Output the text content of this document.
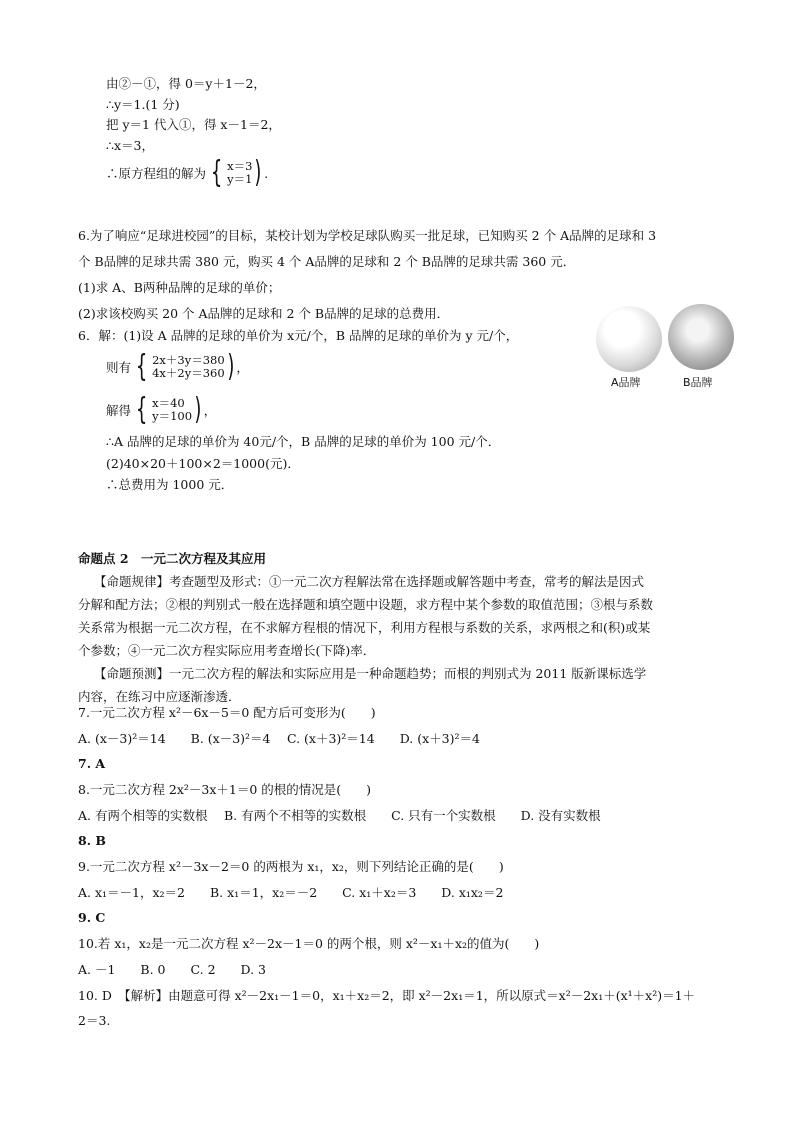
由②－①，得 0＝y＋1－2，
∴y＝1.(1 分)
把 y＝1 代入①，得 x－1＝2，
∴x＝3，
∴原方程组的解为 { x＝3
y＝1 ) .
6.为了响应“足球进校园”的目标，某校计划为学校足球队购买一批足球，已知购买 2 个 A品牌的足球和 3
个 B品牌的足球共需 380 元，购买 4 个 A品牌的足球和 2 个 B品牌的足球共需 360 元．
(1)求 A、B两种品牌的足球的单价；
(2)求该校购买 20 个 A品牌的足球和 2 个 B品牌的足球的总费用．
6．解：(1)设 A 品牌的足球的单价为 x元/个，B 品牌的足球的单价为 y 元/个，
A品牌	B品牌
则有 { 2x＋3y＝380
4x＋2y＝360 ) ，
解得 { x＝40
y＝100 ) ，
∴A 品牌的足球的单价为 40元/个，B 品牌的足球的单价为 100 元/个．
(2)40×20＋100×2＝1000(元)．
∴总费用为 1000 元．
命题点 2　一元二次方程及其应用
【命题规律】考查题型及形式：①一元二次方程解法常在选择题或解答题中考查，常考的解法是因式
分解和配方法；②根的判别式一般在选择题和填空题中设题，求方程中某个参数的取值范围；③根与系数
关系常为根据一元二次方程，在不求解方程根的情况下，利用方程根与系数的关系，求两根之和(积)或某
个参数；④一元二次方程实际应用考查增长(下降)率．
【命题预测】一元二次方程的解法和实际应用是一种命题趋势；而根的判别式为 2011 版新课标选学
内容，在练习中应逐渐渗透．
7.一元二次方程 x²－6x－5＝0 配方后可变形为(　　)
A. (x－3)²＝14　　B. (x－3)²＝4　 C. (x＋3)²＝14　　D. (x＋3)²＝4
7. A
8.一元二次方程 2x²－3x＋1＝0 的根的情况是(　　)
A. 有两个相等的实数根　 B. 有两个不相等的实数根　　C. 只有一个实数根　　D. 没有实数根
8. B
9.一元二次方程 x²－3x－2＝0 的两根为 x₁，x₂，则下列结论正确的是(　　)
A. x₁＝－1，x₂＝2　　B. x₁＝1，x₂＝－2　　C. x₁＋x₂＝3　　D. x₁x₂＝2
9. C
10.若 x₁，x₂是一元二次方程 x²－2x－1＝0 的两个根，则 x²－x₁＋x₂的值为(　　)
A. －1　　B. 0　　C. 2　　D. 3
10. D　【解析】由题意可得 x²－2x₁－1＝0，x₁＋x₂＝2，即 x²－2x₁＝1，所以原式＝x²－2x₁＋(x¹＋x²)＝1＋
2＝3.
